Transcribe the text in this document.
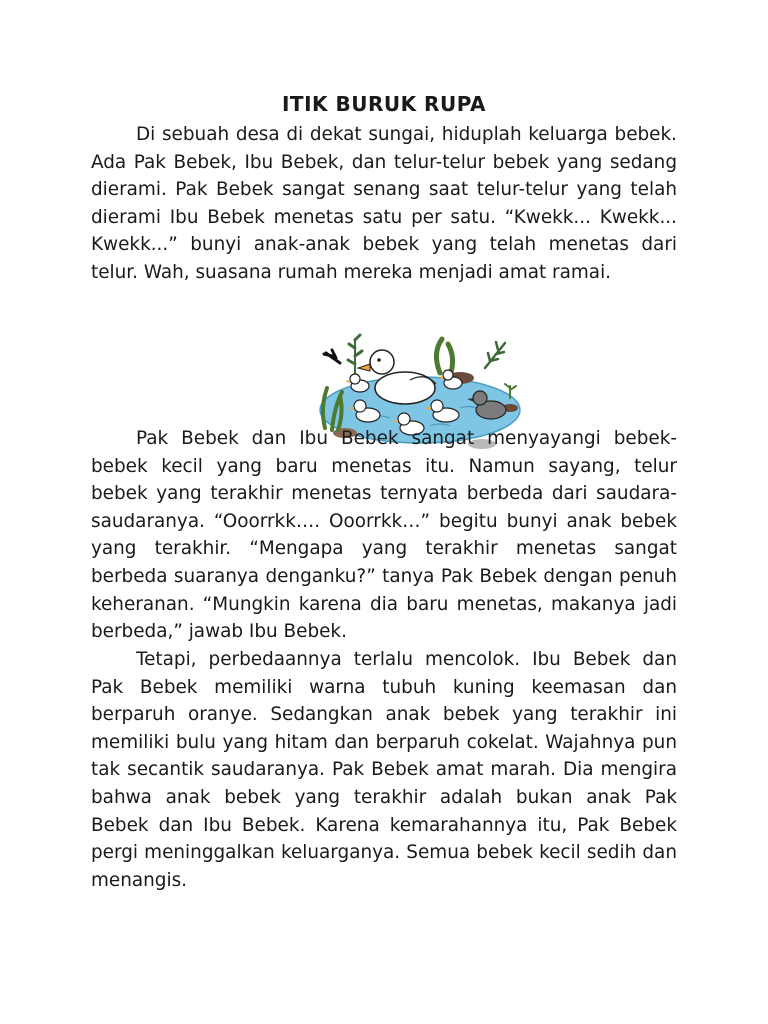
ITIK BURUK RUPA

Di sebuah desa di dekat sungai, hiduplah keluarga bebek. Ada Pak Bebek, Ibu Bebek, dan telur-telur bebek yang sedang dierami. Pak Bebek sangat senang saat telur-telur yang telah dierami Ibu Bebek menetas satu per satu. “Kwekk... Kwekk... Kwekk...” bunyi anak-anak bebek yang telah menetas dari telur. Wah, suasana rumah mereka menjadi amat ramai.

Pak Bebek dan Ibu Bebek sangat menyayangi bebek-bebek kecil yang baru menetas itu. Namun sayang, telur bebek yang terakhir menetas ternyata berbeda dari saudara-saudaranya. “Ooorrkk…. Ooorrkk…” begitu bunyi anak bebek yang terakhir. “Mengapa yang terakhir menetas sangat berbeda suaranya denganku?” tanya Pak Bebek dengan penuh keheranan. “Mungkin karena dia baru menetas, makanya jadi berbeda,” jawab Ibu Bebek.

Tetapi, perbedaannya terlalu mencolok. Ibu Bebek dan Pak Bebek memiliki warna tubuh kuning keemasan dan berparuh oranye. Sedangkan anak bebek yang terakhir ini memiliki bulu yang hitam dan berparuh cokelat. Wajahnya pun tak secantik saudaranya. Pak Bebek amat marah. Dia mengira bahwa anak bebek yang terakhir adalah bukan anak Pak Bebek dan Ibu Bebek. Karena kemarahannya itu, Pak Bebek pergi meninggalkan keluarganya. Semua bebek kecil sedih dan menangis.
